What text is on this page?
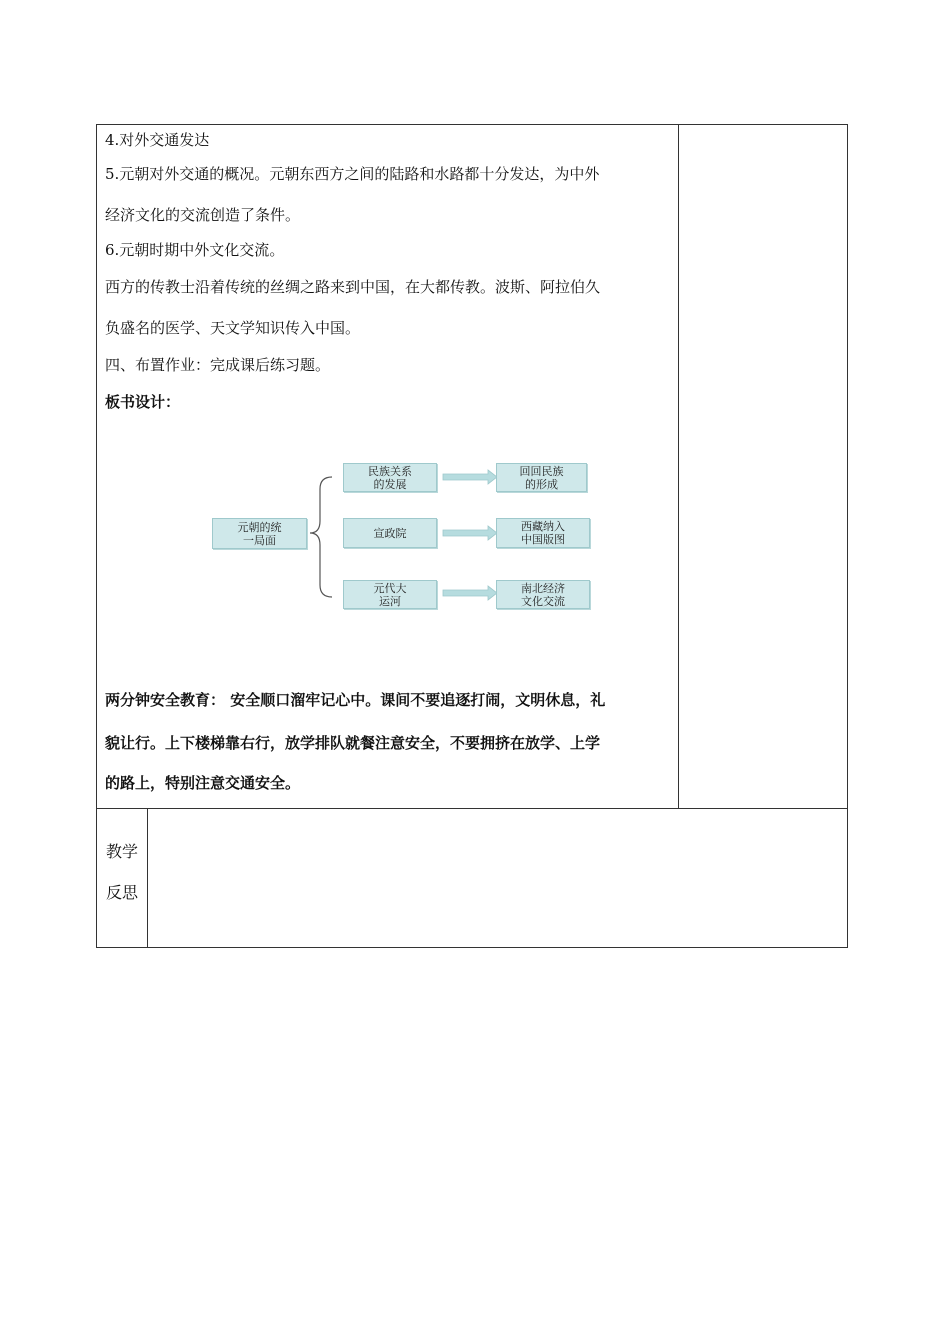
4.对外交通发达
5.元朝对外交通的概况。元朝东西方之间的陆路和水路都十分发达，为中外
经济文化的交流创造了条件。
6.元朝时期中外文化交流。
西方的传教士沿着传统的丝绸之路来到中国，在大都传教。波斯、阿拉伯久
负盛名的医学、天文学知识传入中国。
四、布置作业：完成课后练习题。
板书设计：
元朝的统
一局面
民族关系
的发展
回回民族
的形成
宣政院	西藏纳入
中国版图
元代大
运河
南北经济
文化交流
两分钟安全教育： 安全顺口溜牢记心中。课间不要追逐打闹，文明休息，礼
貌让行。上下楼梯靠右行，放学排队就餐注意安全，不要拥挤在放学、上学
的路上，特别注意交通安全。
教学
反思
